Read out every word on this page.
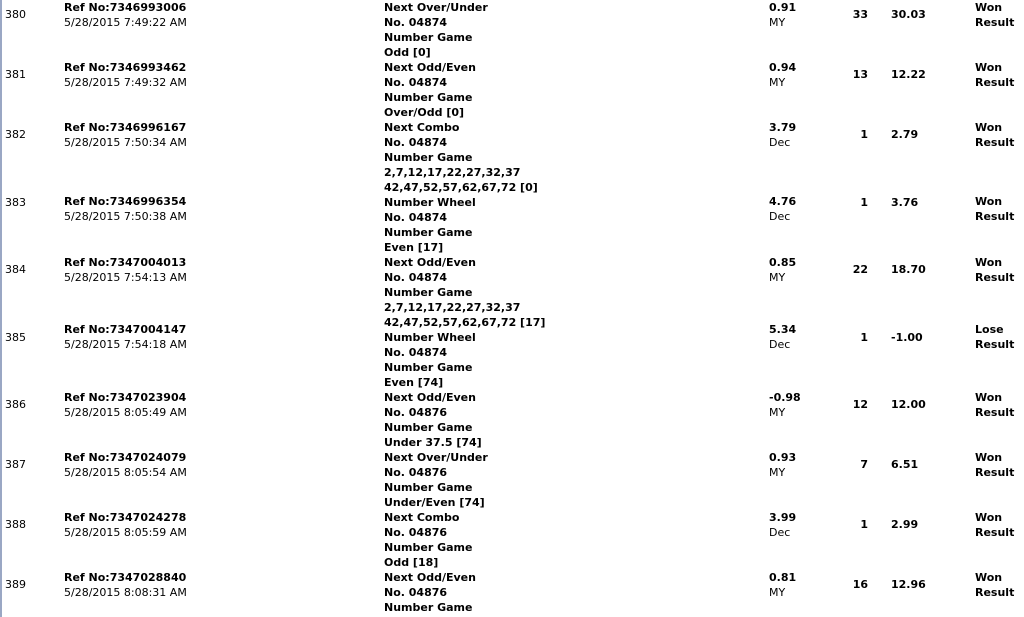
380
Ref No:7346993006
5/28/2015 7:49:22 AM
Next Over/Under
No. 04874
Number Game
Odd [0]
0.91
MY
33 30.03
Won
Result
381
Ref No:7346993462
5/28/2015 7:49:32 AM
Next Odd/Even
No. 04874
Number Game
Over/Odd [0]
0.94
MY
13 12.22
Won
Result
382
Ref No:7346996167
5/28/2015 7:50:34 AM
Next Combo
No. 04874
Number Game
2,7,12,17,22,27,32,37
42,47,52,57,62,67,72 [0]
3.79
Dec
1 2.79
Won
Result
383	Ref No:7346996354
5/28/2015 7:50:38 AM
Number Wheel
No. 04874
Number Game
Even [17]
4.76
Dec
1 3.76	Won
Result
384
Ref No:7347004013
5/28/2015 7:54:13 AM
Next Odd/Even
No. 04874
Number Game
2,7,12,17,22,27,32,37
42,47,52,57,62,67,72 [17]
0.85
MY
22 18.70
Won
Result
385
Ref No:7347004147
5/28/2015 7:54:18 AM
Number Wheel
No. 04874
Number Game
Even [74]
5.34
Dec
1 -1.00
Lose
Result
386
Ref No:7347023904
5/28/2015 8:05:49 AM
Next Odd/Even
No. 04876
Number Game
Under 37.5 [74]
-0.98
MY
12 12.00
Won
Result
387
Ref No:7347024079
5/28/2015 8:05:54 AM
Next Over/Under
No. 04876
Number Game
Under/Even [74]
0.93
MY
7 6.51
Won
Result
388
Ref No:7347024278
5/28/2015 8:05:59 AM
Next Combo
No. 04876
Number Game
Odd [18]
3.99
Dec
1 2.99
Won
Result
389
Ref No:7347028840
5/28/2015 8:08:31 AM
Next Odd/Even
No. 04876
Number Game
0.81
MY
16 12.96
Won
Result
